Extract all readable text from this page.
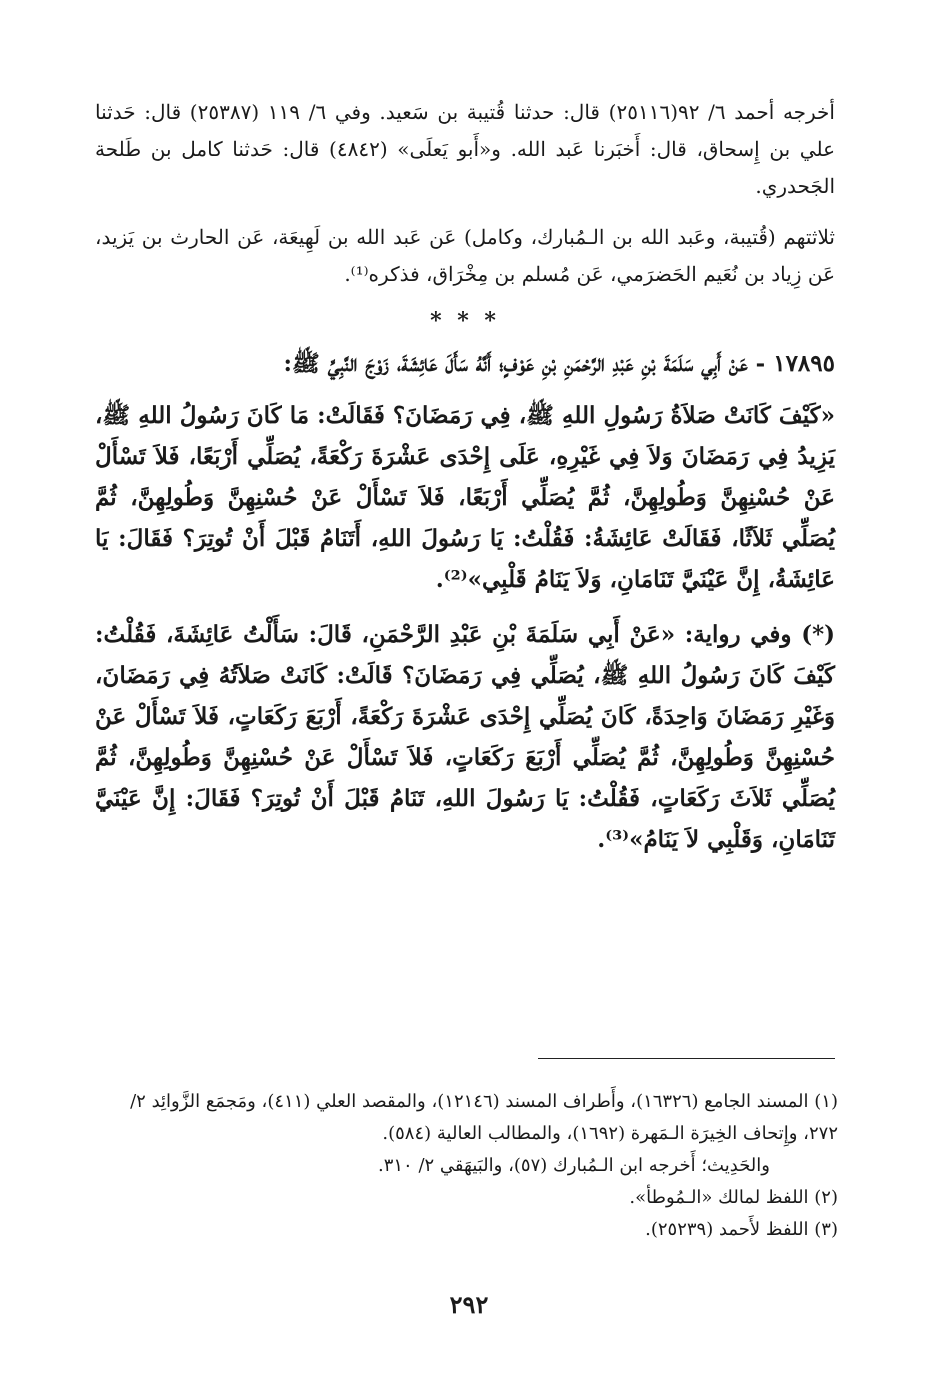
أخرجه أحمد ٦/ ٩٢(٢٥١١٦) قال: حدثنا قُتيبة بن سَعيد. وفي ٦/ ١١٩ (٢٥٣٨٧) قال: حَدثنا علي بن إِسحاق، قال: أَخبَرنا عَبد الله. و«أَبو يَعلَى» (٤٨٤٢) قال: حَدثنا كامل بن طَلحة الجَحدري.

ثلاثتهم (قُتيبة، وعَبد الله بن الـمُبارك، وكامل) عَن عَبد الله بن لَهِيعَة، عَن الحارث بن يَزيد، عَن زِياد بن نُعَيم الحَضرَمي، عَن مُسلم بن مِخْرَاق، فذكره⁽¹⁾.

* * *

١٧٨٩٥ - عَنْ أَبِي سَلَمَةَ بْنِ عَبْدِ الرَّحْمَنِ بْنِ عَوْفٍ؛ أَنَّهُ سَأَلَ عَائِشَةَ، زَوْجَ النَّبِيِّ ﷺ:

«كَيْفَ كَانَتْ صَلاَةُ رَسُولِ اللهِ ﷺ، فِي رَمَضَانَ؟ فَقَالَتْ: مَا كَانَ رَسُولُ اللهِ ﷺ، يَزِيدُ فِي رَمَضَانَ وَلاَ فِي غَيْرِهِ، عَلَى إِحْدَى عَشْرَةَ رَكْعَةً، يُصَلِّي أَرْبَعًا، فَلاَ تَسْأَلْ عَنْ حُسْنِهِنَّ وَطُولِهِنَّ، ثُمَّ يُصَلِّي أَرْبَعًا، فَلاَ تَسْأَلْ عَنْ حُسْنِهِنَّ وَطُولِهِنَّ، ثُمَّ يُصَلِّي ثَلاَثًا، فَقَالَتْ عَائِشَةُ: فَقُلْتُ: يَا رَسُولَ اللهِ، أَتَنَامُ قَبْلَ أَنْ تُوتِرَ؟ فَقَالَ: يَا عَائِشَةُ، إِنَّ عَيْنَيَّ تَنَامَانِ، وَلاَ يَنَامُ قَلْبِي»⁽²⁾.

(*) وفي رواية: «عَنْ أَبِي سَلَمَةَ بْنِ عَبْدِ الرَّحْمَنِ، قَالَ: سَأَلْتُ عَائِشَةَ، فَقُلْتُ: كَيْفَ كَانَ رَسُولُ اللهِ ﷺ، يُصَلِّي فِي رَمَضَانَ؟ قَالَتْ: كَانَتْ صَلاَتُهُ فِي رَمَضَانَ، وَغَيْرِ رَمَضَانَ وَاحِدَةً، كَانَ يُصَلِّي إِحْدَى عَشْرَةَ رَكْعَةً، أَرْبَعَ رَكَعَاتٍ، فَلاَ تَسْأَلْ عَنْ حُسْنِهِنَّ وَطُولِهِنَّ، ثُمَّ يُصَلِّي أَرْبَعَ رَكَعَاتٍ، فَلاَ تَسْأَلْ عَنْ حُسْنِهِنَّ وَطُولِهِنَّ، ثُمَّ يُصَلِّي ثَلاَثَ رَكَعَاتٍ، فَقُلْتُ: يَا رَسُولَ اللهِ، تَنَامُ قَبْلَ أَنْ تُوتِرَ؟ فَقَالَ: إِنَّ عَيْنَيَّ تَنَامَانِ، وَقَلْبِي لاَ يَنَامُ»⁽³⁾.

(١) المسند الجامع (١٦٣٢٦)، وأَطراف المسند (١٢١٤٦)، والمقصد العلي (٤١١)، ومَجمَع الزَّوائِد ٢/ ٢٧٢، وإِتحاف الخِيرَة الـمَهرة (١٦٩٢)، والمطالب العالية (٥٨٤).

والحَدِيث؛ أَخرجه ابن الـمُبارك (٥٧)، والبَيهَقي ٢/ ٣١٠.

(٢) اللفظ لمالك «الـمُوطأ».

(٣) اللفظ لأَحمد (٢٥٢٣٩).

٢٩٢
